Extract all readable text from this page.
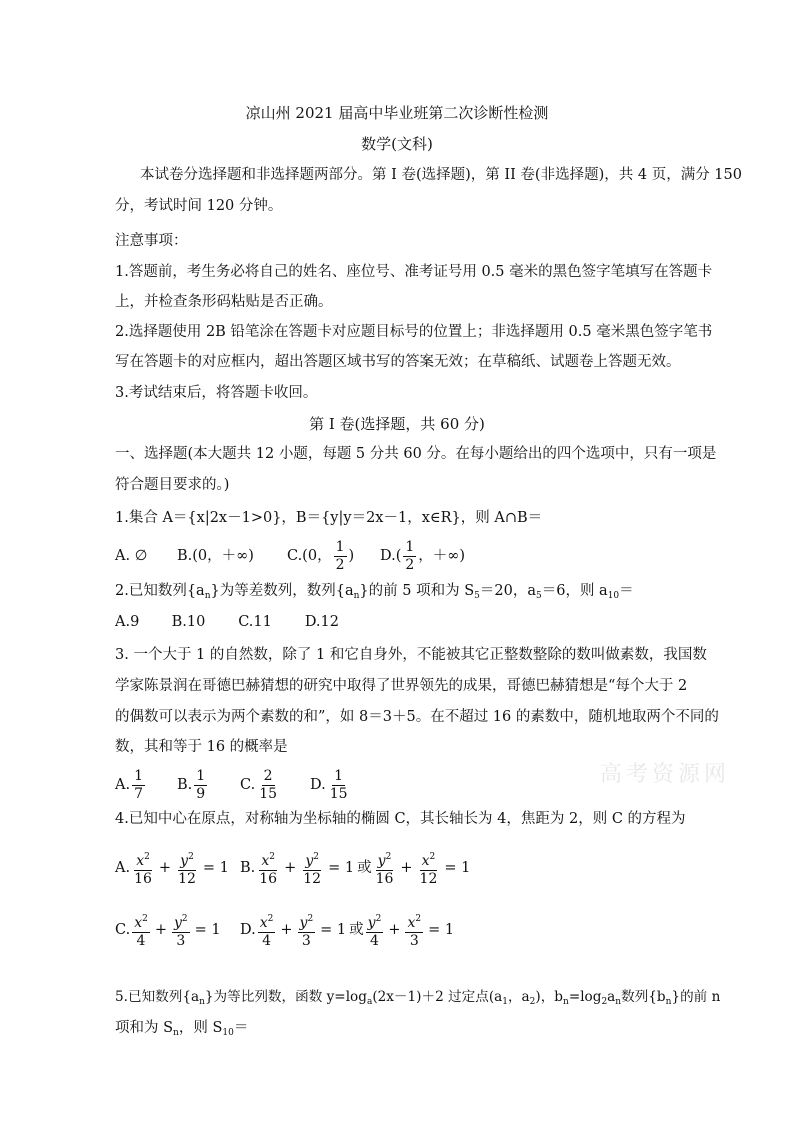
凉山州 2021 届高中毕业班第二次诊断性检测
数学(文科)
本试卷分选择题和非选择题两部分。第 I 卷(选择题)，第 II 卷(非选择题)，共 4 页，满分 150
分，考试时间 120 分钟。
注意事项：
1.答题前，考生务必将自己的姓名、座位号、准考证号用 0.5 毫米的黑色签字笔填写在答题卡
上，并检查条形码粘贴是否正确。
2.选择题使用 2B 铅笔涂在答题卡对应题目标号的位置上；非选择题用 0.5 毫米黑色签字笔书
写在答题卡的对应框内，超出答题区域书写的答案无效；在草稿纸、试题卷上答题无效。
3.考试结束后，将答题卡收回。
第 I 卷(选择题，共 60 分)
一、选择题(本大题共 12 小题，每题 5 分共 60 分。在每小题给出的四个选项中，只有一项是
符合题目要求的。)
1.集合 A＝{x|2x－1>0}，B＝{y|y＝2x－1，x∈R}，则 A∩B＝
A. ∅	B.(0，＋∞)	C.(0， $\frac{1}{2}$ ) $D.( \frac{1}{2}$ ，＋∞)
2.已知数列$\{a_n\}$为等差数列，数列$\{a_n\}$的前 5 项和为 $S_5=20$，$a_5=6$，则 $a_{10}=$
A.9 B.10 C.11 D.12
3. 一个大于 1 的自然数，除了 1 和它自身外，不能被其它正整数整除的数叫做素数，我国数
学家陈景润在哥德巴赫猜想的研究中取得了世界领先的成果，哥德巴赫猜想是“每个大于 2
的偶数可以表示为两个素数的和”，如 8＝3＋5。在不超过 16 的素数中，随机地取两个不同的
数，其和等于 16 的概率是
A. $\frac{1}{7} B$. $\frac{1}{9} C$. $\frac{2}{15} D$. $\frac{1}{15}$	高考资源网
4.已知中心在原点，对称轴为坐标轴的椭圆 C，其长轴长为 4，焦距为 2，则 C 的方程为
A. $\frac{x^2}{16} + \frac{y^2}{12} = 1$ B. $\frac{x^2}{16} + \frac{y^2}{12} = 1$ 或 $\frac{y^2}{16} + \frac{x^2}{12} = 1$
C. $\frac{x^2}{4} + \frac{y^2}{3} = 1$ D. $\frac{x^2}{4} + \frac{y^2}{3} = 1$ 或 $\frac{y^2}{4} + \frac{x^2}{3} = 1$
5.已知数列$\{a_n\}$为等比列数，函数 $y=\log_a(2x-1)+2$ 过定点($a_1$，$a_2$)，$b_n=\log_2a_n$数列$\{b_n\}$的前 n
项和为 $S_n$，则 $S_{10}=$
